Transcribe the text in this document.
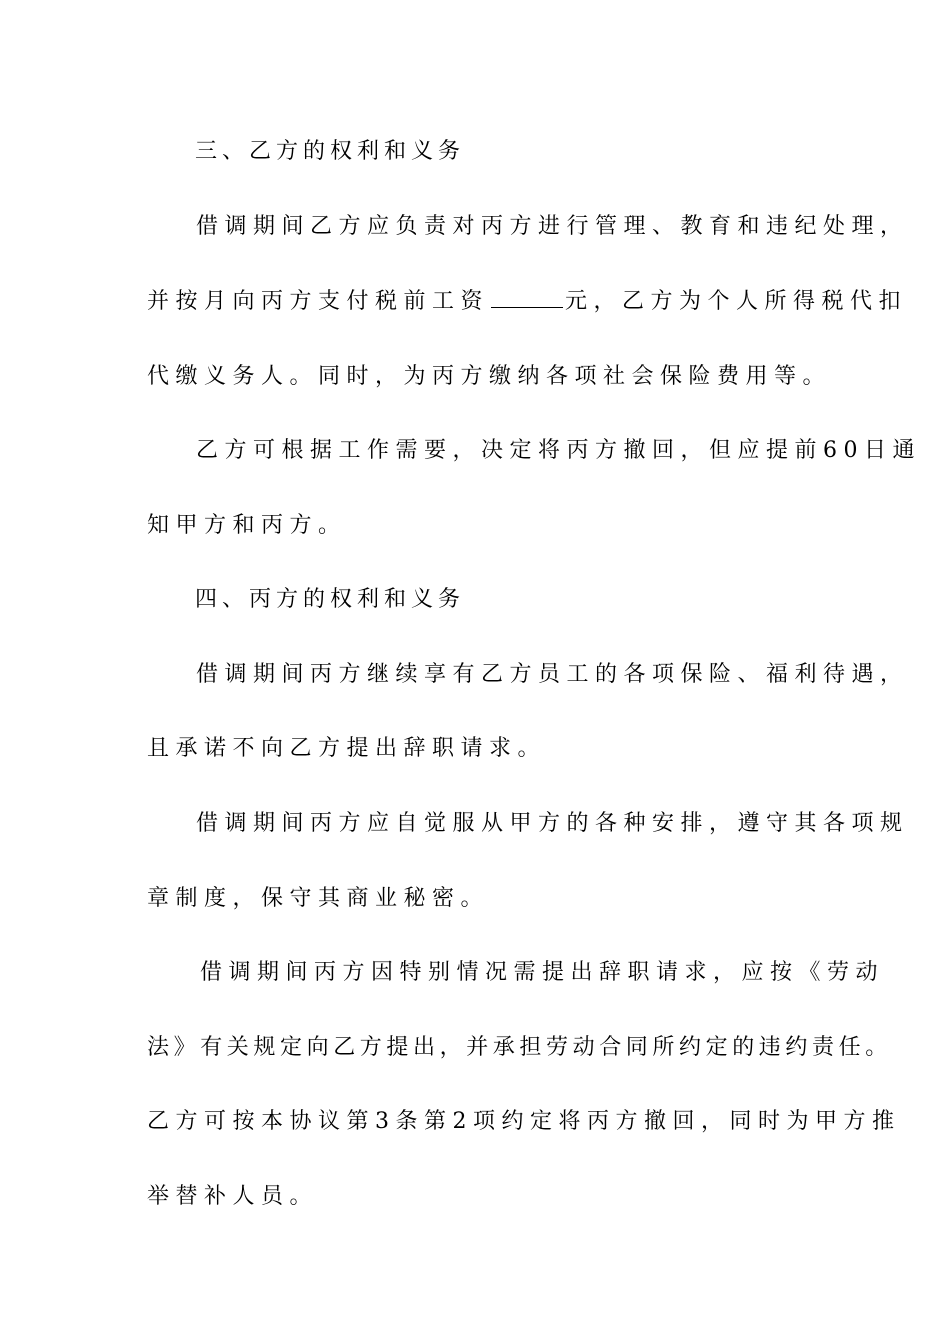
三、乙方的权利和义务

借调期间乙方应负责对丙方进行管理、教育和违纪处理，

并按月向丙方支付税前工资	元，乙方为个人所得税代扣

代缴义务人。同时，为丙方缴纳各项社会保险费用等。

乙方可根据工作需要，决定将丙方撤回，但应提前60日通

知甲方和丙方。

四、丙方的权利和义务

借调期间丙方继续享有乙方员工的各项保险、福利待遇，

且承诺不向乙方提出辞职请求。

借调期间丙方应自觉服从甲方的各种安排，遵守其各项规

章制度，保守其商业秘密。

借调期间丙方因特别情况需提出辞职请求，应按《劳动

法》有关规定向乙方提出，并承担劳动合同所约定的违约责任。

乙方可按本协议第3条第2项约定将丙方撤回，同时为甲方推

举替补人员。
